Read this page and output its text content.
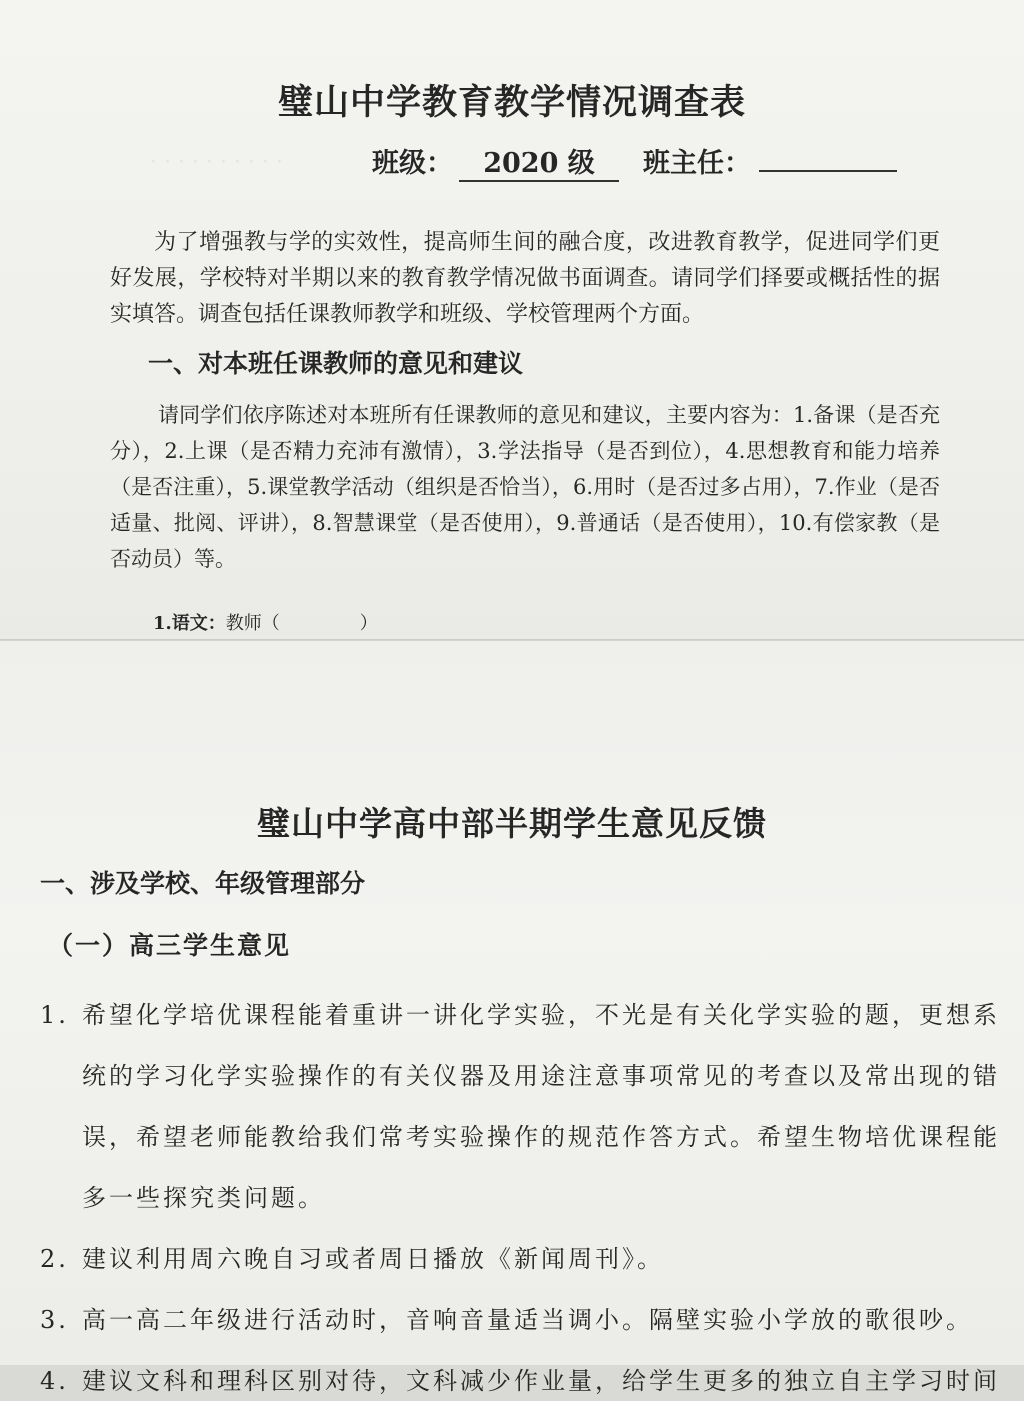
· · · · · · · · · ·
璧山中学教育教学情况调查表
班级： 2020 级 班主任：

为了增强教与学的实效性，提高师生间的融合度，改进教育教学，促进同学们更好发展，学校特对半期以来的教育教学情况做书面调查。请同学们择要或概括性的据实填答。调查包括任课教师教学和班级、学校管理两个方面。

一、对本班任课教师的意见和建议

请同学们依序陈述对本班所有任课教师的意见和建议，主要内容为：1.备课（是否充分），2.上课（是否精力充沛有激情），3.学法指导（是否到位），4.思想教育和能力培养（是否注重），5.课堂教学活动（组织是否恰当），6.用时（是否过多占用），7.作业（是否适量、批阅、评讲），8.智慧课堂（是否使用），9.普通话（是否使用），10.有偿家教（是否动员）等。

1.语文：教师（	）

璧山中学高中部半期学生意见反馈
一、涉及学校、年级管理部分
（一）高三学生意见
1. 希望化学培优课程能着重讲一讲化学实验，不光是有关化学实验的题，更想系统的学习化学实验操作的有关仪器及用途注意事项常见的考查以及常出现的错误，希望老师能教给我们常考实验操作的规范作答方式。希望生物培优课程能多一些探究类问题。
2. 建议利用周六晚自习或者周日播放《新闻周刊》。
3. 高一高二年级进行活动时，音响音量适当调小。隔壁实验小学放的歌很吵。
4. 建议文科和理科区别对待，文科减少作业量，给学生更多的独立自主学习时间
